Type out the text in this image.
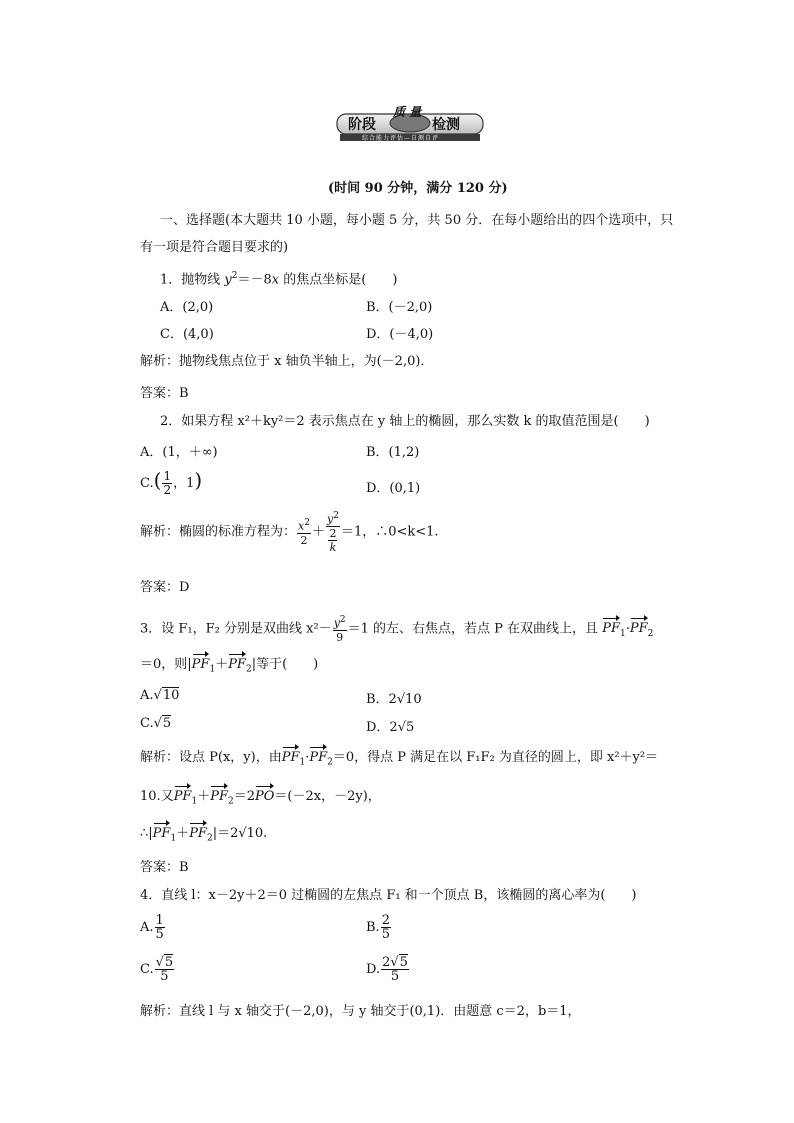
阶段
质 量
检测
综合能力评估—自测自评
(时间 90 分钟，满分 120 分)
一、选择题(本大题共 10 小题，每小题 5 分，共 50 分．在每小题给出的四个选项中，只
有一项是符合题目要求的)
1．抛物线 $y^2=-8x$ 的焦点坐标是(　　)
A．(2,0)	B．(－2,0)
C．(4,0)	D．(－4,0)
解析：抛物线焦点位于 x 轴负半轴上，为(－2,0)．
答案：B
2．如果方程 x²＋ky²＝2 表示焦点在 y 轴上的椭圆，那么实数 k 的取值范围是(　　)
A．(1，＋∞)	B．(1,2)
$C.( \frac{1}{2}$ ，1)	D．(0,1)
解析：椭圆的标准方程为： $\frac{x^2}{2} + \frac{y^2}{\frac{2}{k}} =1$，∴0<k<1.
答案：D
3．设 F₁，F₂ 分别是双曲线 $x^2- \frac{y^2}{9} =1$ 的左、右焦点，若点 P 在双曲线上，且 $PF_1\cdot PF_2$
＝0，则$|PF_1+PF_2|$等于(　　)
A.√10	B．2√10
C.√5	D．2√5
解析：设点 P(x，y)，由$PF_1\cdot PF_2=0$，得点 P 满足在以 F₁F₂ 为直径的圆上，即 x²＋y²＝
10.又$PF_1+PF_2=2PO=(-2x$，－2y)，
$\therefore|PF_1+PF_2|=2√10$.
答案：B
4．直线 l：x－2y＋2＝0 过椭圆的左焦点 F₁ 和一个顶点 B，该椭圆的离心率为(　　)
A. $\frac{1}{5}$	B. $\frac{2}{5}$
C. $\frac{√5}{5}$	D. $\frac{2√5}{5}$
解析：直线 l 与 x 轴交于(－2,0)，与 y 轴交于(0,1)．由题意 c＝2，b＝1，
